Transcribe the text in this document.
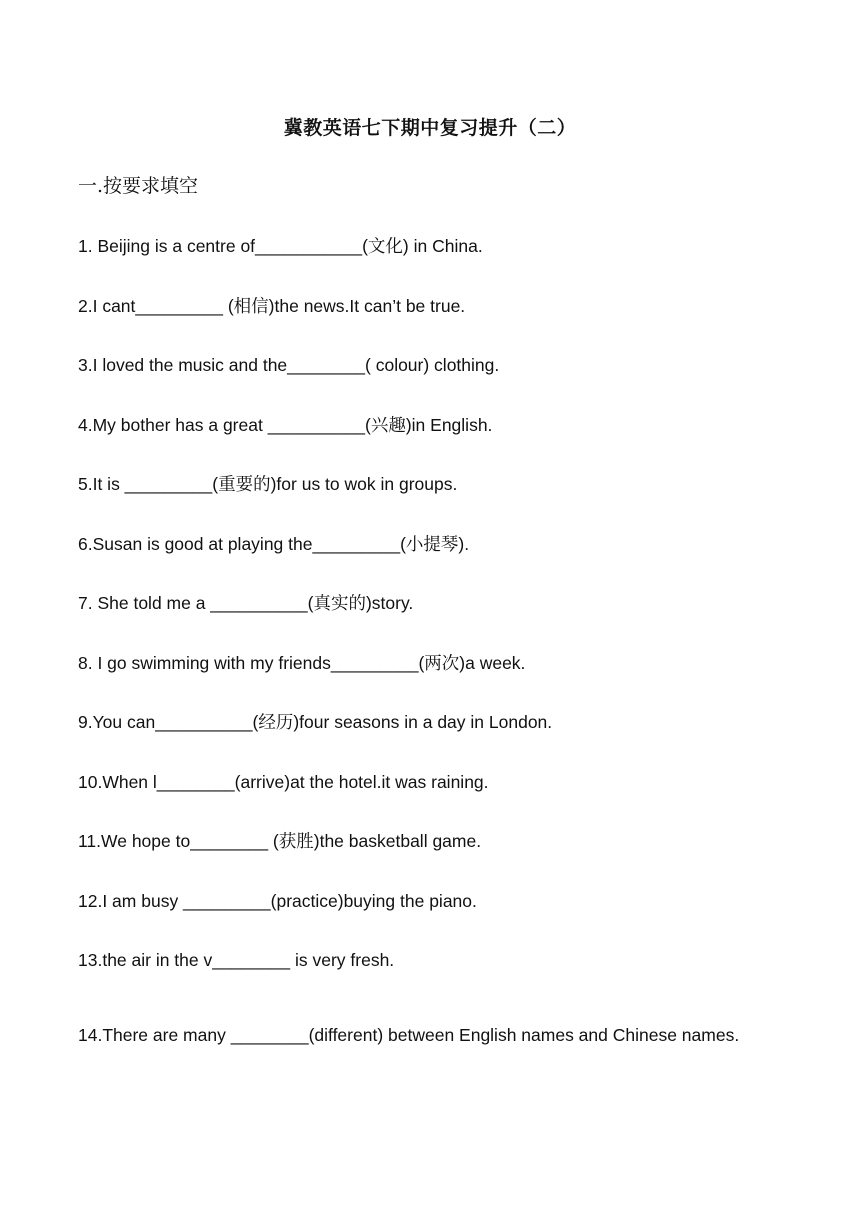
冀教英语七下期中复习提升（二）
一.按要求填空
1. Beijing is a centre of___________(文化) in China.
2.I cant_________ (相信)the news.It can’t be true.
3.I loved the music and the________( colour) clothing.
4.My bother has a great __________(兴趣)in English.
5.It is _________(重要的)for us to wok in groups.
6.Susan is good at playing the_________(小提琴).
7. She told me a __________(真实的)story.
8. I go swimming with my friends_________(两次)a week.
9.You can__________(经历)four seasons in a day in London.
10.When l________(arrive)at the hotel.it was raining.
11.We hope to________ (获胜)the basketball game.
12.I am busy _________(practice)buying the piano.
13.the air in the v________ is very fresh.
14.There are many ________(different) between English names and Chinese names.
